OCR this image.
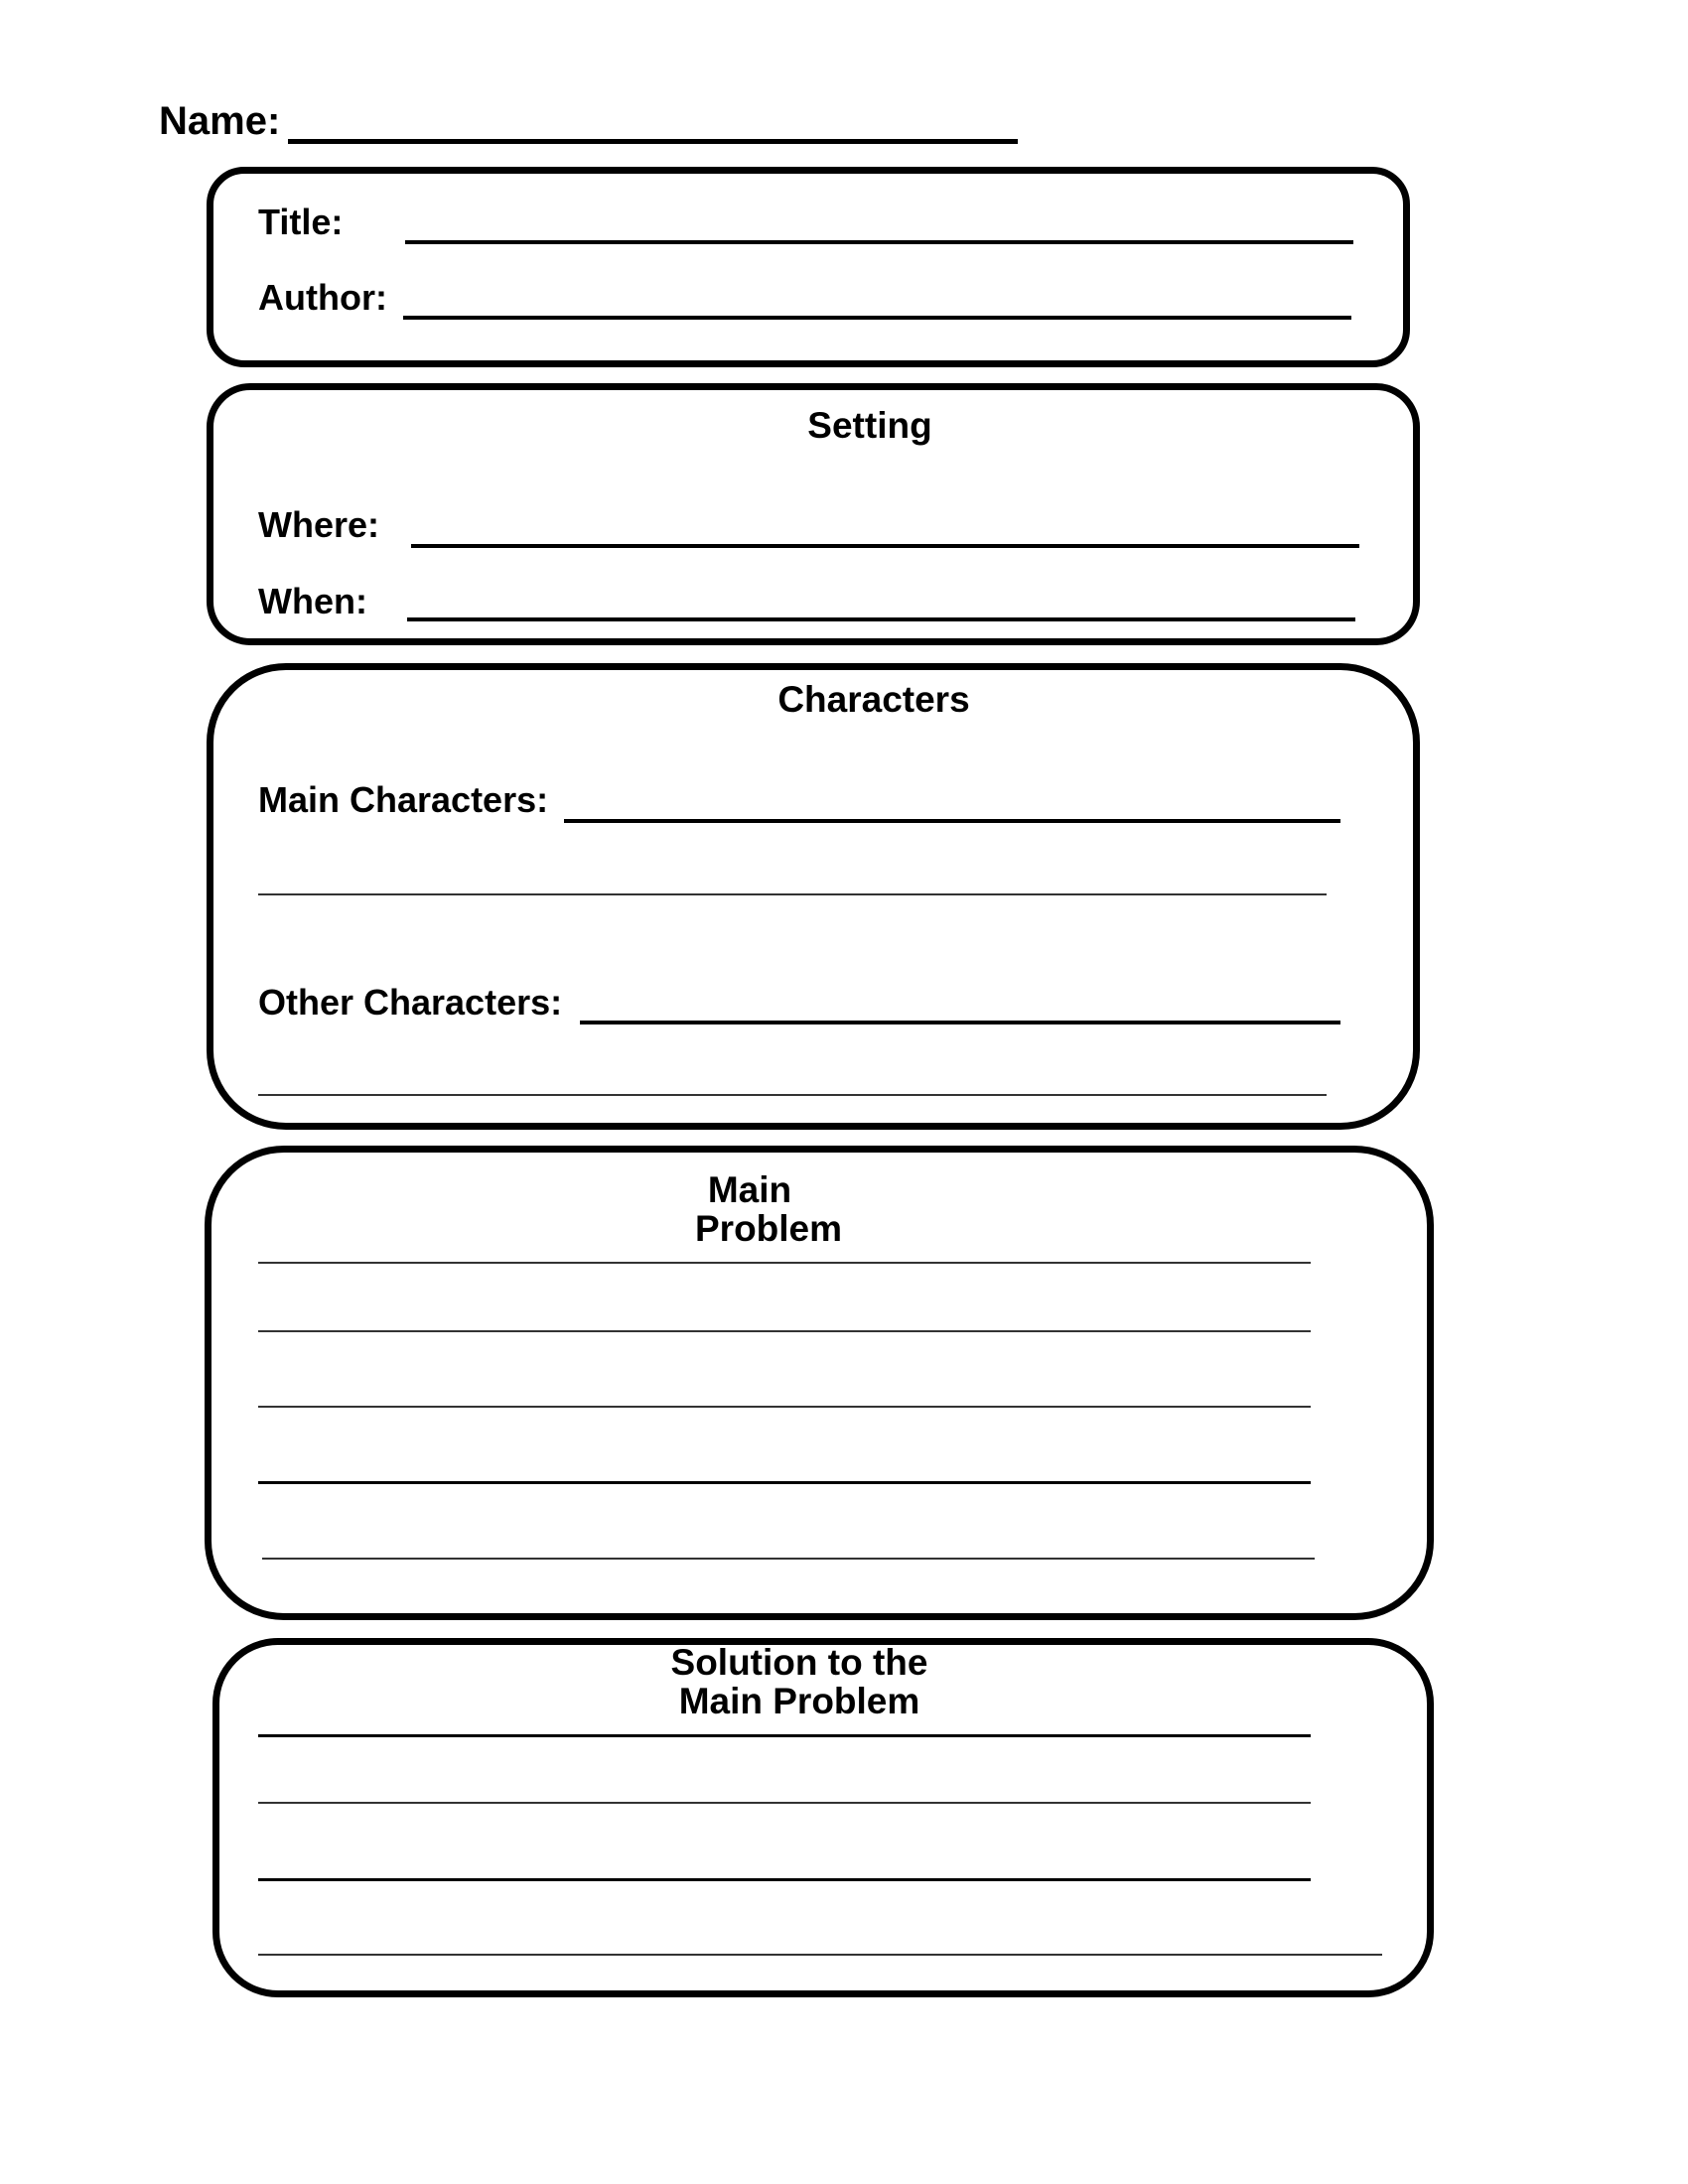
Name:
Title:
Author:
Setting
Where:
When:
Characters
Main Characters:
Other Characters:
Main Problem
Solution to the Main Problem
